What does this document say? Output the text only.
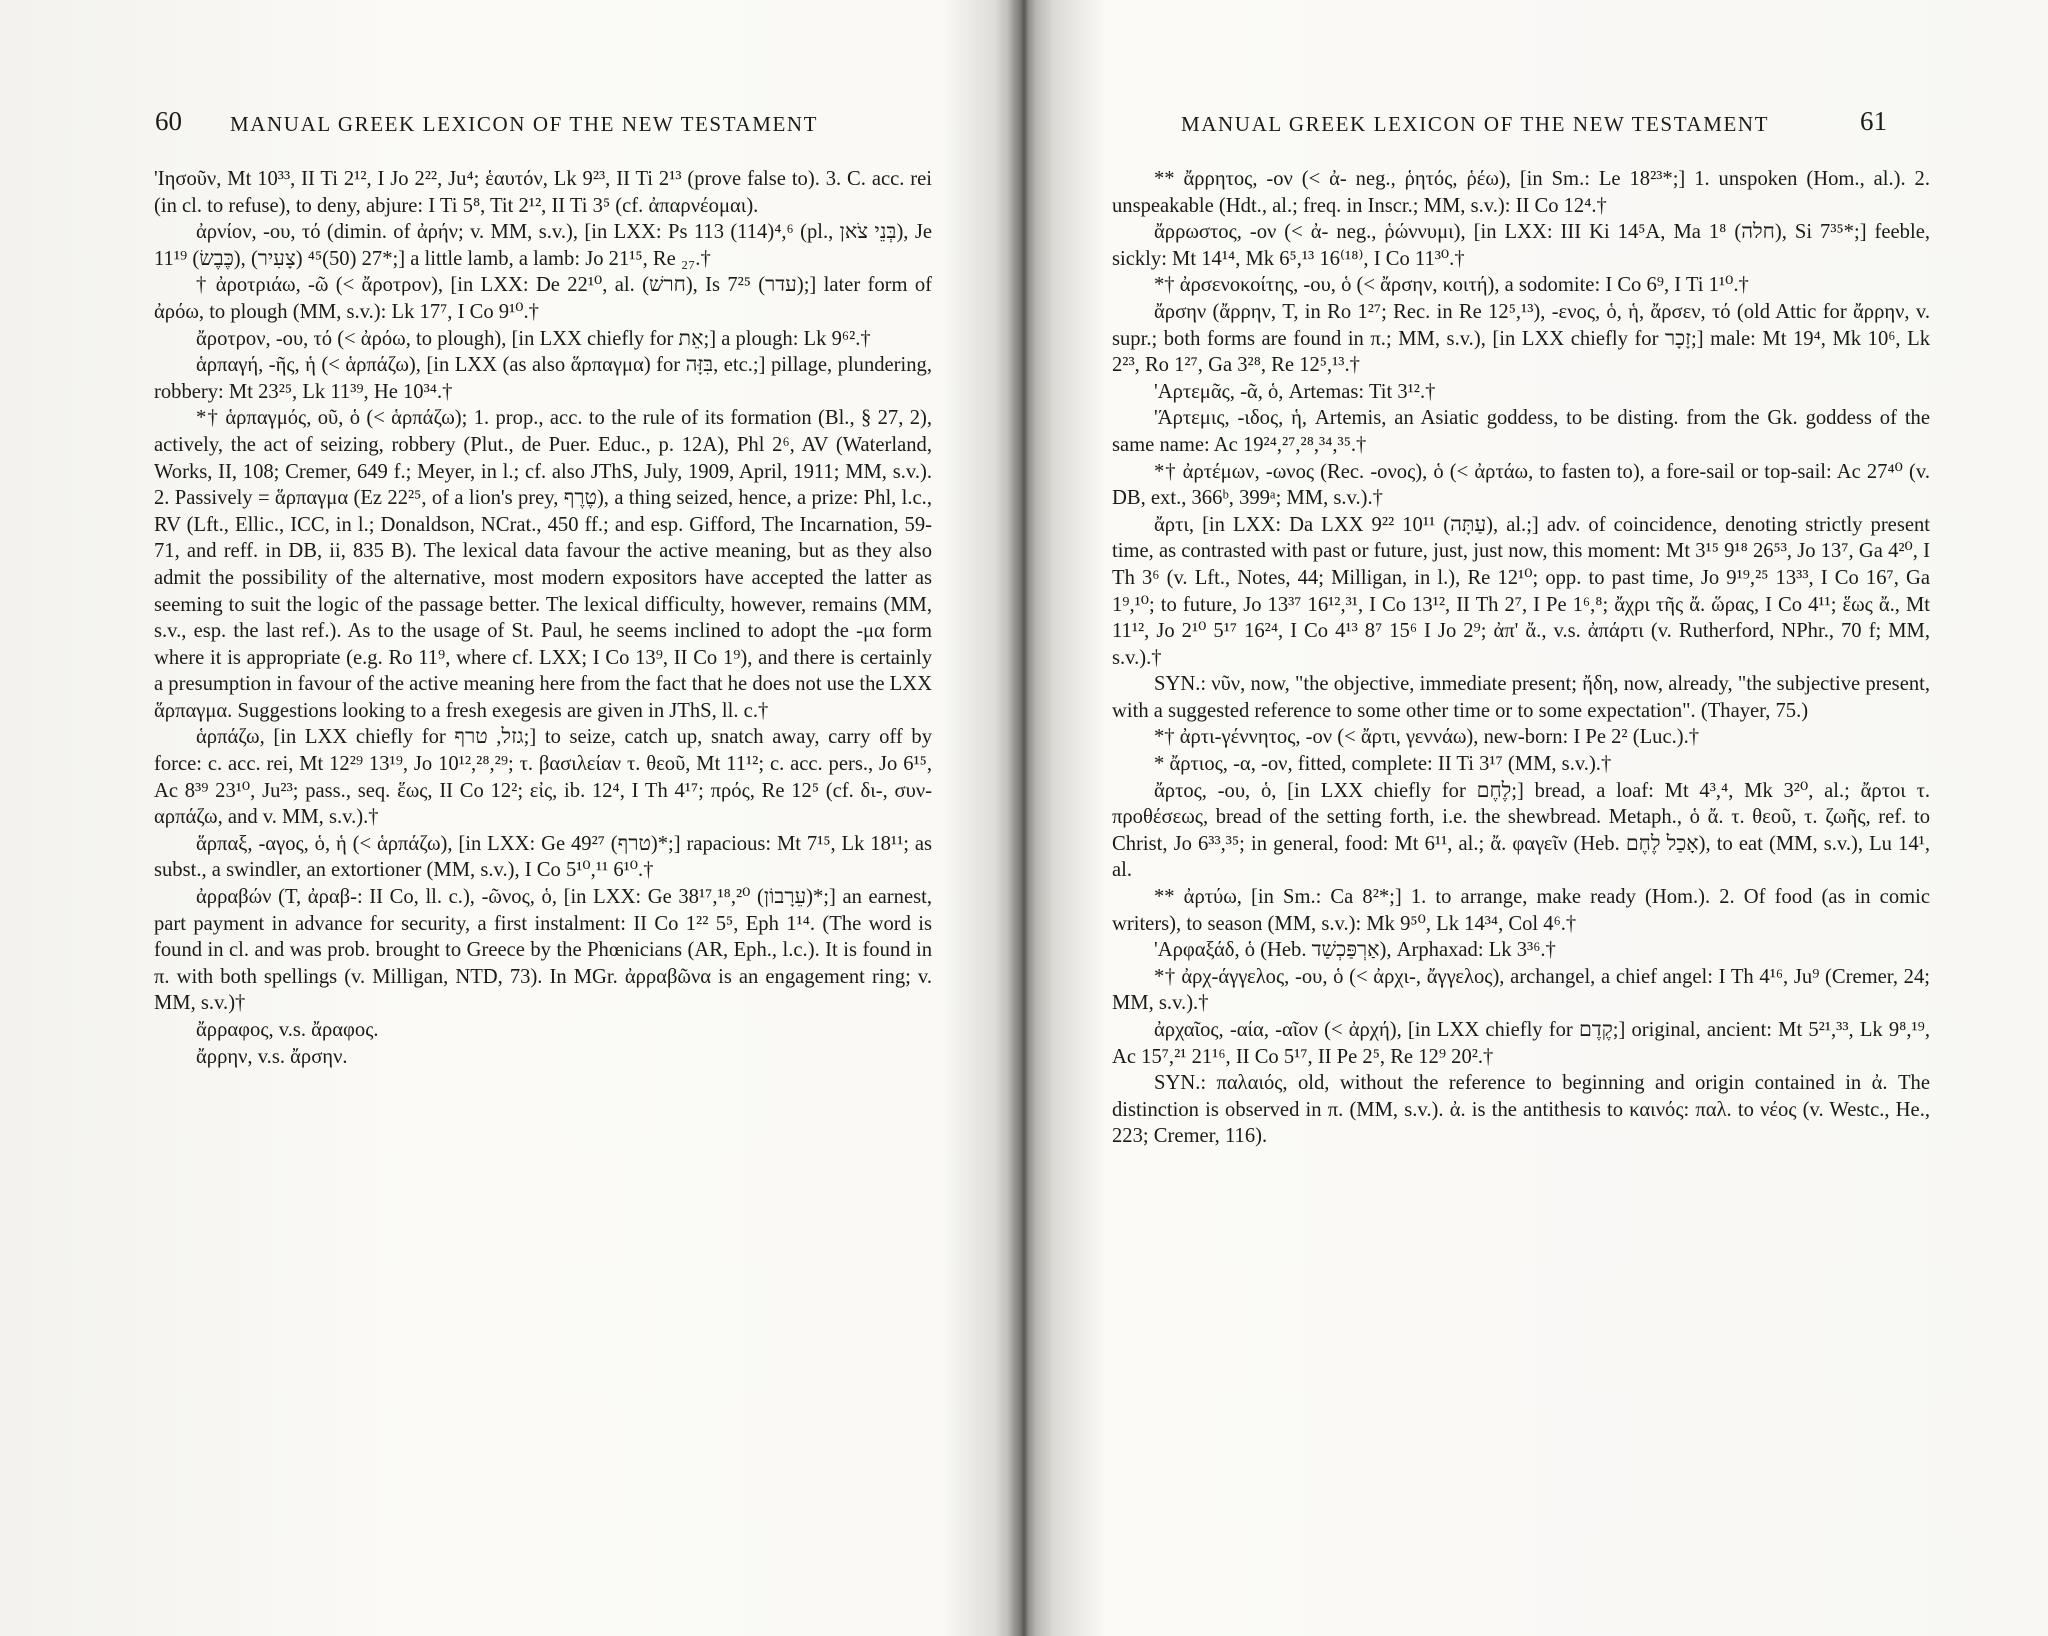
60 MANUAL GREEK LEXICON OF THE NEW TESTAMENT

'Ιησοῦν, Mt 10³³, II Ti 2¹², I Jo 2²², Ju⁴; ἑαυτόν, Lk 9²³, II Ti 2¹³ (prove false to). 3. C. acc. rei (in cl. to refuse), to deny, abjure: I Ti 5⁸, Tit 2¹², II Ti 3⁵ (cf. ἀπαρνέομαι).

ἀρνίον, -ου, τό (dimin. of ἀρήν; v. MM, s.v.), [in LXX: Ps 113 (114)⁴,⁶ (pl., בְּנֵי צֹאן), Je 11¹⁹ (כֶּבֶשׂ), 27 (50)⁴⁵ (צָעִיר)*;] a little lamb, a lamb: Jo 21¹⁵, Re ₂₇.†

† ἀροτριάω, -ῶ (< ἄροτρον), [in LXX: De 22¹⁰, al. (חרשׁ), Is 7²⁵ (עדר);] later form of ἀρόω, to plough (MM, s.v.): Lk 17⁷, I Co 9¹⁰.†

ἄροτρον, -ου, τό (< ἀρόω, to plough), [in LXX chiefly for אֵת;] a plough: Lk 9⁶².†

ἁρπαγή, -ῆς, ἡ (< ἁρπάζω), [in LXX (as also ἅρπαγμα) for בִּזָּה, etc.;] pillage, plundering, robbery: Mt 23²⁵, Lk 11³⁹, He 10³⁴.†

*† ἁρπαγμός, οῦ, ὁ (< ἁρπάζω); 1. prop., acc. to the rule of its formation (Bl., § 27, 2), actively, the act of seizing, robbery (Plut., de Puer. Educ., p. 12A), Phl 2⁶, AV (Waterland, Works, II, 108; Cremer, 649 f.; Meyer, in l.; cf. also JThS, July, 1909, April, 1911; MM, s.v.). 2. Passively = ἅρπαγμα (Ez 22²⁵, of a lion's prey, טֶרֶף), a thing seized, hence, a prize: Phl, l.c., RV (Lft., Ellic., ICC, in l.; Donaldson, NCrat., 450 ff.; and esp. Gifford, The Incarnation, 59-71, and reff. in DB, ii, 835 B). The lexical data favour the active meaning, but as they also admit the possibility of the alternative, most modern expositors have accepted the latter as seeming to suit the logic of the passage better. The lexical difficulty, however, remains (MM, s.v., esp. the last ref.). As to the usage of St. Paul, he seems inclined to adopt the -μα form where it is appropriate (e.g. Ro 11⁹, where cf. LXX; I Co 13⁹, II Co 1⁹), and there is certainly a presumption in favour of the active meaning here from the fact that he does not use the LXX ἅρπαγμα. Suggestions looking to a fresh exegesis are given in JThS, ll. c.†

ἁρπάζω, [in LXX chiefly for גזל, טרף;] to seize, catch up, snatch away, carry off by force: c. acc. rei, Mt 12²⁹ 13¹⁹, Jo 10¹²,²⁸,²⁹; τ. βασιλείαν τ. θεοῦ, Mt 11¹²; c. acc. pers., Jo 6¹⁵, Ac 8³⁹ 23¹⁰, Ju²³; pass., seq. ἕως, II Co 12²; εἰς, ib. 12⁴, I Th 4¹⁷; πρός, Re 12⁵ (cf. δι-, συν-αρπάζω, and v. MM, s.v.).†

ἅρπαξ, -αγος, ὁ, ἡ (< ἁρπάζω), [in LXX: Ge 49²⁷ (טרף)*;] rapacious: Mt 7¹⁵, Lk 18¹¹; as subst., a swindler, an extortioner (MM, s.v.), I Co 5¹⁰,¹¹ 6¹⁰.†

ἀρραβών (T, ἀραβ-: II Co, ll. c.), -ῶνος, ὁ, [in LXX: Ge 38¹⁷,¹⁸,²⁰ (עֵרָבוֹן)*;] an earnest, part payment in advance for security, a first instalment: II Co 1²² 5⁵, Eph 1¹⁴. (The word is found in cl. and was prob. brought to Greece by the Phœnicians (AR, Eph., l.c.). It is found in π. with both spellings (v. Milligan, NTD, 73). In MGr. ἀρραβῶνα is an engagement ring; v. MM, s.v.)†

ἄρραφος, v.s. ἄραφος.

ἄρρην, v.s. ἄρσην.

MANUAL GREEK LEXICON OF THE NEW TESTAMENT	61

** ἄρρητος, -ον (< ἀ- neg., ῥητός, ῥέω), [in Sm.: Le 18²³*;] 1. unspoken (Hom., al.). 2. unspeakable (Hdt., al.; freq. in Inscr.; MM, s.v.): II Co 12⁴.†

ἄρρωστος, -ον (< ἀ- neg., ῥώννυμι), [in LXX: III Ki 14⁵A, Ma 1⁸ (חלה), Si 7³⁵*;] feeble, sickly: Mt 14¹⁴, Mk 6⁵,¹³ 16⁽¹⁸⁾, I Co 11³⁰.†

*† ἀρσενοκοίτης, -ου, ὁ (< ἄρσην, κοιτή), a sodomite: I Co 6⁹, I Ti 1¹⁰.†

ἄρσην (ἄρρην, T, in Ro 1²⁷; Rec. in Re 12⁵,¹³), -ενος, ὁ, ἡ, ἄρσεν, τό (old Attic for ἄρρην, v. supr.; both forms are found in π.; MM, s.v.), [in LXX chiefly for זָכָר;] male: Mt 19⁴, Mk 10⁶, Lk 2²³, Ro 1²⁷, Ga 3²⁸, Re 12⁵,¹³.†

'Αρτεμᾶς, -ᾶ, ὁ, Artemas: Tit 3¹².†

'Άρτεμις, -ιδος, ἡ, Artemis, an Asiatic goddess, to be disting. from the Gk. goddess of the same name: Ac 19²⁴,²⁷,²⁸,³⁴,³⁵.†

*† ἀρτέμων, -ωνος (Rec. -ονος), ὁ (< ἀρτάω, to fasten to), a fore-sail or top-sail: Ac 27⁴⁰ (v. DB, ext., 366ᵇ, 399ᵃ; MM, s.v.).†

ἄρτι, [in LXX: Da LXX 9²² 10¹¹ (עַתָּה), al.;] adv. of coincidence, denoting strictly present time, as contrasted with past or future, just, just now, this moment: Mt 3¹⁵ 9¹⁸ 26⁵³, Jo 13⁷, Ga 4²⁰, I Th 3⁶ (v. Lft., Notes, 44; Milligan, in l.), Re 12¹⁰; opp. to past time, Jo 9¹⁹,²⁵ 13³³, I Co 16⁷, Ga 1⁹,¹⁰; to future, Jo 13³⁷ 16¹²,³¹, I Co 13¹², II Th 2⁷, I Pe 1⁶,⁸; ἄχρι τῆς ἄ. ὥρας, I Co 4¹¹; ἕως ἄ., Mt 11¹², Jo 2¹⁰ 5¹⁷ 16²⁴, I Co 4¹³ 8⁷ 15⁶ I Jo 2⁹; ἀπ' ἄ., v.s. ἀπάρτι (v. Rutherford, NPhr., 70 f; MM, s.v.).†

SYN.: νῦν, now, "the objective, immediate present; ἤδη, now, already, "the subjective present, with a suggested reference to some other time or to some expectation". (Thayer, 75.)

*† ἀρτι-γέννητος, -ον (< ἄρτι, γεννάω), new-born: I Pe 2² (Luc.).†

* ἄρτιος, -α, -ον, fitted, complete: II Ti 3¹⁷ (MM, s.v.).†

ἄρτος, -ου, ὁ, [in LXX chiefly for לֶחֶם;] bread, a loaf: Mt 4³,⁴, Mk 3²⁰, al.; ἄρτοι τ. προθέσεως, bread of the setting forth, i.e. the shewbread. Metaph., ὁ ἄ. τ. θεοῦ, τ. ζωῆς, ref. to Christ, Jo 6³³,³⁵; in general, food: Mt 6¹¹, al.; ἄ. φαγεῖν (Heb. אָכַל לֶחֶם), to eat (MM, s.v.), Lu 14¹, al.

** ἀρτύω, [in Sm.: Ca 8²*;] 1. to arrange, make ready (Hom.). 2. Of food (as in comic writers), to season (MM, s.v.): Mk 9⁵⁰, Lk 14³⁴, Col 4⁶.†

'Αρφαξάδ, ὁ (Heb. אַרְפַּכְשַׁד), Arphaxad: Lk 3³⁶.†

*† ἀρχ-άγγελος, -ου, ὁ (< ἀρχι-, ἄγγελος), archangel, a chief angel: I Th 4¹⁶, Ju⁹ (Cremer, 24; MM, s.v.).†

ἀρχαῖος, -αία, -αῖον (< ἀρχή), [in LXX chiefly for קֶדֶם;] original, ancient: Mt 5²¹,³³, Lk 9⁸,¹⁹, Ac 15⁷,²¹ 21¹⁶, II Co 5¹⁷, II Pe 2⁵, Re 12⁹ 20².†

SYN.: παλαιός, old, without the reference to beginning and origin contained in ἀ. The distinction is observed in π. (MM, s.v.). ἀ. is the antithesis to καινός: παλ. to νέος (v. Westc., He., 223; Cremer, 116).
